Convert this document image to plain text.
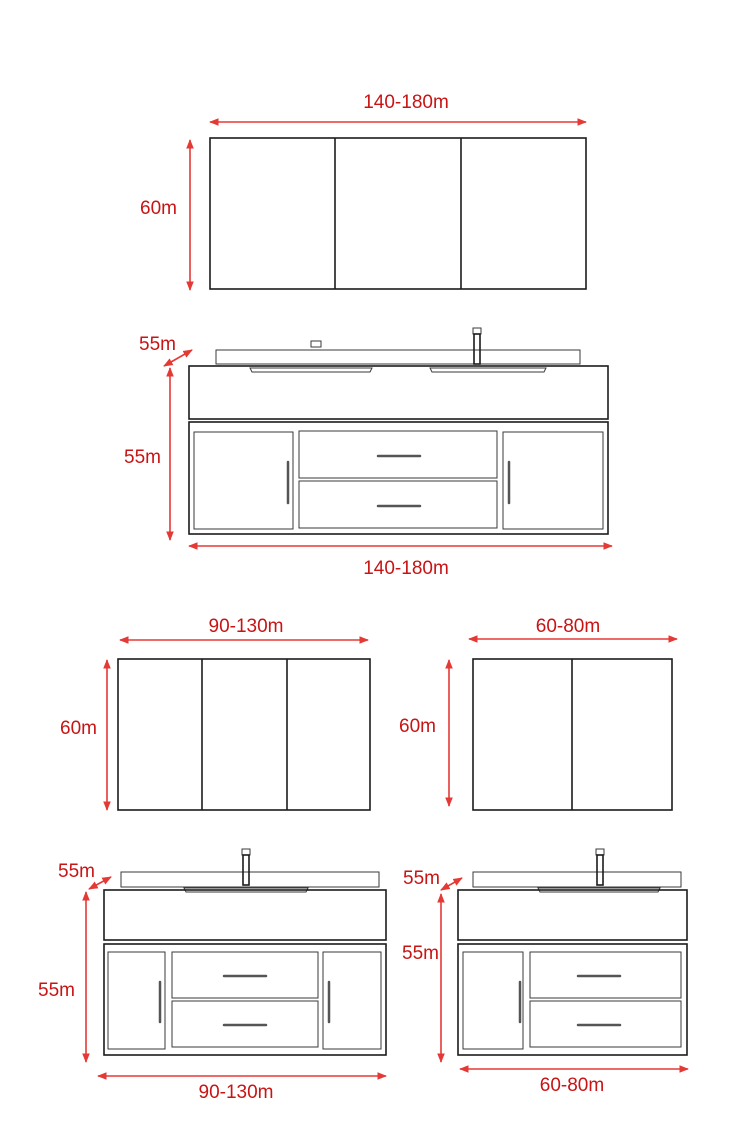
140-180m
60m
55m
55m
140-180m
90-130m
60m
55m
55m
90-130m
60-80m
60m
55m
55m
60-80m
